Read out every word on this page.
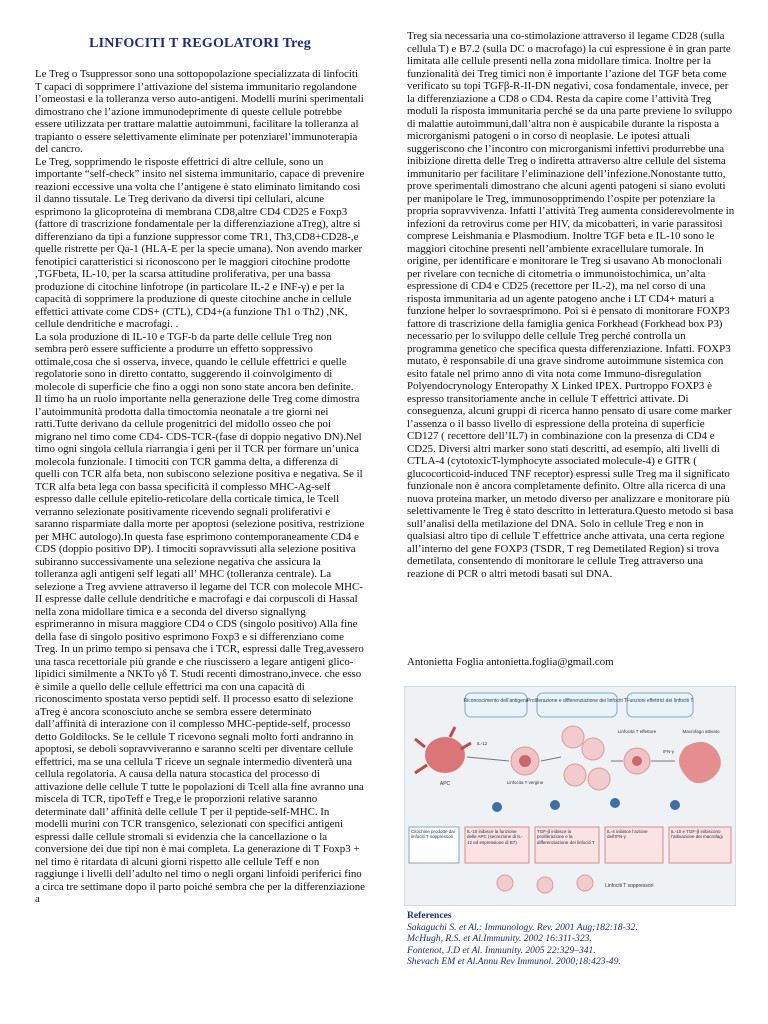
LINFOCITI T REGOLATORI Treg

Le Treg o Tsuppressor sono una sottopopolazione specializzata di linfociti T capaci di sopprimere l’attivazione del sistema immunitario regolandone l’omeostasi e la tolleranza verso auto-antigeni. Modelli murini sperimentali dimostrano che l’azione immunodeprimente di queste cellule potrebbe essere utilizzata per trattare malattie autoimmuni, facilitare la tolleranza al trapianto o essere selettivamente eliminate per potenziarel’immunoterapia del cancro.

Le Treg, sopprimendo le risposte effettrici di altre cellule, sono un importante “self-check” insito nel sistema immunitario, capace di prevenire reazioni eccessive una volta che l’antigene è stato eliminato limitando così il danno tissutale. Le Treg derivano da diversi tipi cellulari, alcune esprimono la glicoproteina di membrana CD8,altre CD4 CD25 e Foxp3 (fattore di trascrizione fondamentale per la differenziazione aTreg), altre si differenziano da tipi a funzione suppressor come TR1, Th3,CD8+CD28-,e quelle ristrette per Qa-1 (HLA-E per la specie umana). Non avendo marker fenotipici caratteristici si riconoscono per le maggiori citochine prodotte ,TGFbeta, IL-10, per la scarsa attitudine proliferativa, per una bassa produzione di citochine linfotrope (in particolare IL-2 e INF-γ) e per la capacità di sopprimere la produzione di queste citochine anche in cellule effettici attivate come CDS+ (CTL), CD4+(a funzione Th1 o Th2) ,NK, cellule dendritiche e macrofagi. .

La sola produzione di IL-10 e TGF-b da parte delle cellule Treg non sembra però essere sufficiente a produrre un effetto soppressivo ottimale,cosa che si osserva, invece, quando le cellule effettrici e quelle regolatorie sono in diretto contatto, suggerendo il coinvolgimento di molecole di superficie che fino a oggi non sono state ancora ben definite.

Il timo ha un ruolo importante nella generazione delle Treg come dimostra l’autoimmunità prodotta dalla timoctomia neonatale a tre giorni nei ratti.Tutte derivano da cellule progenitrici del midollo osseo che poi migrano nel timo come CD4- CDS-TCR-(fase di doppio negativo DN).Nel timo ogni singola cellula riarrangia i geni per il TCR per formare un’unica molecola funzionale. I timociti con TCR gamma delta, a differenza di quelli con TCR alfa beta, non subiscono selezione positiva e negativa. Se il TCR alfa beta lega con bassa specificità il complesso MHC-Ag-self espresso dalle cellule epitelio-reticolare della corticale timica, le Tcell verranno selezionate positivamente ricevendo segnali proliferativi e saranno risparmiate dalla morte per apoptosi (selezione positiva, restrizione per MHC autologo).In questa fase esprimono contemporaneamente CD4 e CDS (doppio positivo DP). I timociti sopravvissuti alla selezione positiva subiranno successivamente una selezione negativa che assicura la tolleranza agli antigeni self legati all’ MHC (tolleranza centrale). La selezione a Treg avviene attraverso il legame del TCR con molecole MHC-II espresse dalle cellule dendritiche e macrofagi e dai corpuscoli di Hassal nella zona midollare timica e a seconda del diverso signallyng esprimeranno in misura maggiore CD4 o CDS (singolo positivo) Alla fine della fase di singolo positivo esprimono Foxp3 e si differenziano come Treg. In un primo tempo si pensava che i TCR, espressi dalle Treg,avessero una tasca recettoriale più grande e che riuscissero a legare antigeni glico-lipidici similmente a NKTo γδ T. Studi recenti dimostrano,invece. che esso è simile a quello delle cellule effettrici ma con una capacità di riconoscimento spostata verso peptidi self. Il processo esatto di selezione aTreg è ancora sconosciuto anche se sembra essere determinato dall’affinità di interazione con il complesso MHC-peptide-self, processo detto Goldilocks. Se le cellule T ricevono segnali molto forti andranno in apoptosi, se deboli sopravviveranno e saranno scelti per diventare cellule effettrici, ma se una cellula T riceve un segnale intermedio diventerà una cellula regolatoria. A causa della natura stocastica del processo di attivazione delle cellule T tutte le popolazioni di Tcell alla fine avranno una miscela di TCR, tipoTeff e Treg,e le proporzioni relative saranno determinate dall’ affinità delle cellule T per il peptide-self-MHC. In modelli murini con TCR transgenico, selezionati con specifici antigeni espressi dalle cellule stromali si evidenzia che la cancellazione o la conversione dei due tipi non è mai completa. La generazione di T Foxp3 + nel timo è ritardata di alcuni giorni rispetto alle cellule Teff e non raggiunge i livelli dell’adulto nel timo o negli organi linfoidi periferici fino a circa tre settimane dopo il parto poiché sembra che per la differenziazione a

Treg sia necessaria una co-stimolazione attraverso il legame CD28 (sulla cellula T) e B7.2 (sulla DC o macrofago) la cui espressione è in gran parte limitata alle cellule presenti nella zona midollare timica. Inoltre per la funzionalità dei Treg timici non è importante l’azione del TGF beta come verificato su topi TGFβ-R-II-DN negativi, cosa fondamentale, invece, per la differenziazione a CD8 o CD4. Resta da capire come l’attività Treg moduli la risposta immunitaria perché se da una parte previene lo sviluppo di malattie autoimmuni,dall’altra non è auspicabile durante la risposta a microrganismi patogeni o in corso di neoplasie. Le ipotesi attuali suggeriscono che l’incontro con microrganismi infettivi produrrebbe una inibizione diretta delle Treg o indiretta attraverso altre cellule del sistema immunitario per facilitare l’eliminazione dell’infezione.Nonostante tutto, prove sperimentali dimostrano che alcuni agenti patogeni si siano evoluti per manipolare le Treg, immunosopprimendo l’ospite per potenziare la propria sopravvivenza. Infatti l’attività Treg aumenta considerevolmente in infezioni da retrovirus come per HIV, da micobatteri, in varie parassitosi comprese Leishmania e Plasmodium. Inoltre TGF beta e IL-10 sono le maggiori citochine presenti nell’ambiente exracellulare tumorale. In origine, per identificare e monitorare le Treg si usavano Ab monoclonali per rivelare con tecniche di citometria o immunoistochimica, un’alta espressione di CD4 e CD25 (recettore per IL-2), ma nel corso di una risposta immunitaria ad un agente patogeno anche i LT CD4+ maturi a funzione helper lo sovraesprimono. Poi si è pensato di monitorare FOXP3 fattore di trascrizione della famiglia genica Forkhead (Forkhead box P3) necessario per lo sviluppo delle cellule Treg perché controlla un programma genetico che specifica questa differenziazione. Infatti. FOXP3 mutato, è responsabile di una grave sindrome autoimmune sistemica con esito fatale nel primo anno di vita nota come Immuno-disregulation Polyendocrynology Enteropathy X Linked IPEX. Purtroppo FOXP3 è espresso transitoriamente anche in cellule T effettrici attivate. Di conseguenza, alcuni gruppi di ricerca hanno pensato di usare come marker l’assenza o il basso livello di espressione della proteina di superficie CD127 ( recettore dell’IL7) in combinazione con la presenza di CD4 e CD25. Diversi altri marker sono stati descritti, ad esempio, alti livelli di CTLA-4 (cytotoxicT-lymphocyte associated molecule-4) e GITR ( glucocorticoid-induced TNF receptor) espressi sulle Treg ma il significato funzionale non è ancora completamente definito. Oltre alla ricerca di una nuova proteina marker, un metodo diverso per analizzare e monitorare più selettivamente le Treg è stato descritto in letteratura.Questo metodo si basa sull’analisi della metilazione del DNA. Solo in cellule Treg e non in qualsiasi altro tipo di cellule T effettrice anche attivata, una certa regione all’interno del gene FOXP3 (TSDR, T reg Demetilated Region) si trova demetilata, consentendo di monitorare le cellule Treg attraverso una reazione di PCR o altri metodi basati sul DNA.

Antonietta Foglia antonietta.foglia@gmail.com
Riconoscimento dell’antigene
Proliferazione e differenziazione dei linfociti T Funzioni effettrici dei linfociti T
APC
IL-12
Linfocita T vergine
Linfocita T effettore
IFN-γ
Macrofago attivato
Citochine prodotte dai linfociti T soppressori
IL-10 inibisce la funzione delle APC (secrezione di IL-12 ed espressione di B7)
TGF-β inibisce la proliferazione e la differenziazione dei linfociti T
IL-4 inibisce l’azione dell’IFN-γ
IL-10 e TGF-β inibiscono l’attivazione dei macrofagi
Linfociti T soppressori
References
Sakaguchi S. et Al.: Immunology. Rev. 2001 Aug;182:18-32.
McHugh, R.S. et Al.Immunity. 2002 16:311-323.
Fontenot, J.D et Al. Immunity. 2005 22:329–341.
Shevach EM et Al.Annu Rev Immunol. 2000;18:423-49.
